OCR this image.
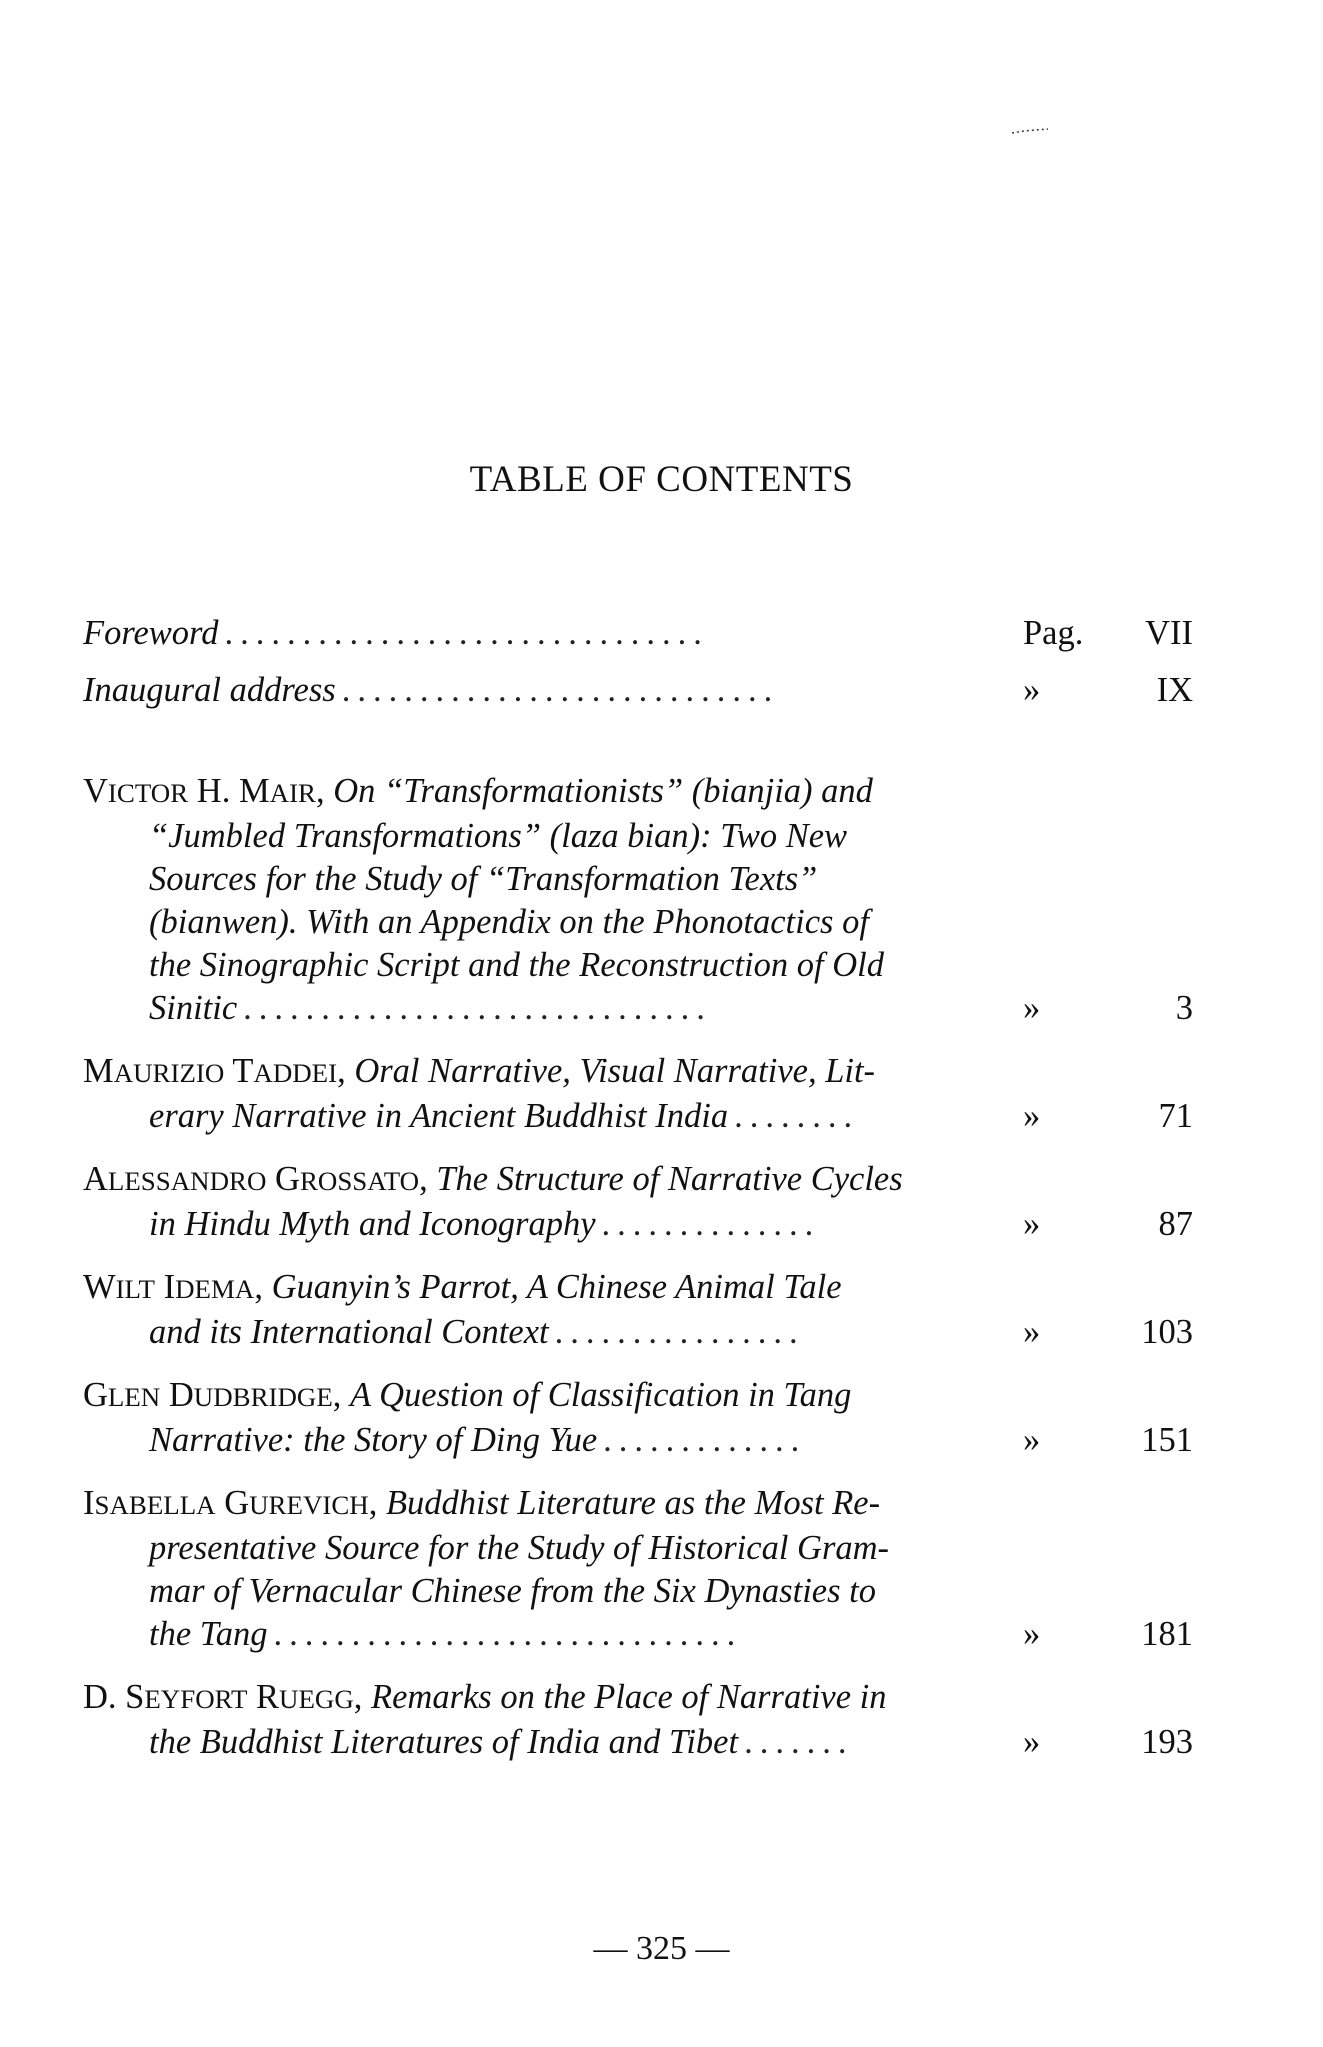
TABLE OF CONTENTS
Foreword ...............................	Pag. VII
Inaugural address ............................	»	IX
VICTOR H. MAIR, On “Transformationists” (bianjia) and
“Jumbled Transformations” (laza bian): Two New
Sources for the Study of “Transformation Texts”
(bianwen). With an Appendix on the Phonotactics of
the Sinographic Script and the Reconstruction of Old
Sinitic ..............................	»	3
MAURIZIO TADDEI, Oral Narrative, Visual Narrative, Lit-
erary Narrative in Ancient Buddhist India ........	»	71
ALESSANDRO GROSSATO, The Structure of Narrative Cycles
in Hindu Myth and Iconography ..............	»	87
WILT IDEMA, Guanyin’s Parrot, A Chinese Animal Tale
and its International Context ................	»	103
GLEN DUDBRIDGE, A Question of Classification in Tang
Narrative: the Story of Ding Yue .............	»	151
ISABELLA GUREVICH, Buddhist Literature as the Most Re-
presentative Source for the Study of Historical Gram-
mar of Vernacular Chinese from the Six Dynasties to
the Tang ..............................	»	181
D. SEYFORT RUEGG, Remarks on the Place of Narrative in
the Buddhist Literatures of India and Tibet .......	»	193
— 325 —
